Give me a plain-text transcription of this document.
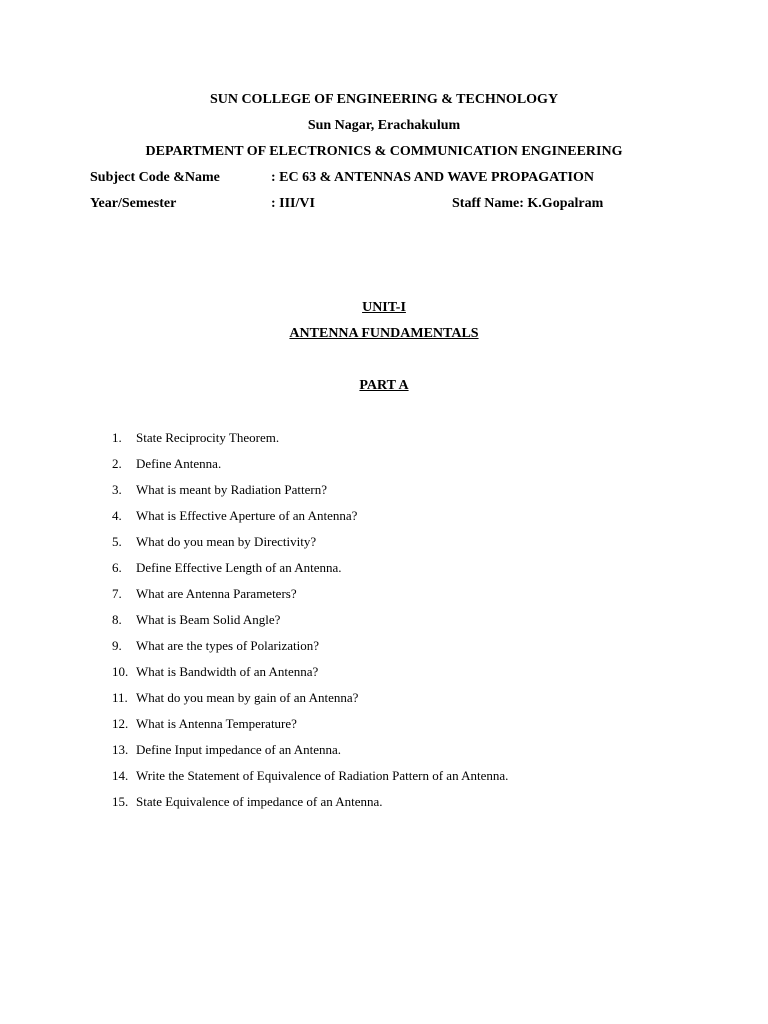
SUN COLLEGE OF ENGINEERING & TECHNOLOGY
Sun Nagar, Erachakulum
DEPARTMENT OF ELECTRONICS & COMMUNICATION ENGINEERING
Subject Code &Name	: EC 63 & ANTENNAS AND WAVE PROPAGATION
Year/Semester	: III/VI	Staff Name: K.Gopalram
UNIT-I
ANTENNA FUNDAMENTALS
PART A
1. State Reciprocity Theorem.
2. Define Antenna.
3. What is meant by Radiation Pattern?
4. What is Effective Aperture of an Antenna?
5. What do you mean by Directivity?
6. Define Effective Length of an Antenna.
7. What are Antenna Parameters?
8. What is Beam Solid Angle?
9. What are the types of Polarization?
10. What is Bandwidth of an Antenna?
11. What do you mean by gain of an Antenna?
12. What is Antenna Temperature?
13. Define Input impedance of an Antenna.
14. Write the Statement of Equivalence of Radiation Pattern of an Antenna.
15. State Equivalence of impedance of an Antenna.
